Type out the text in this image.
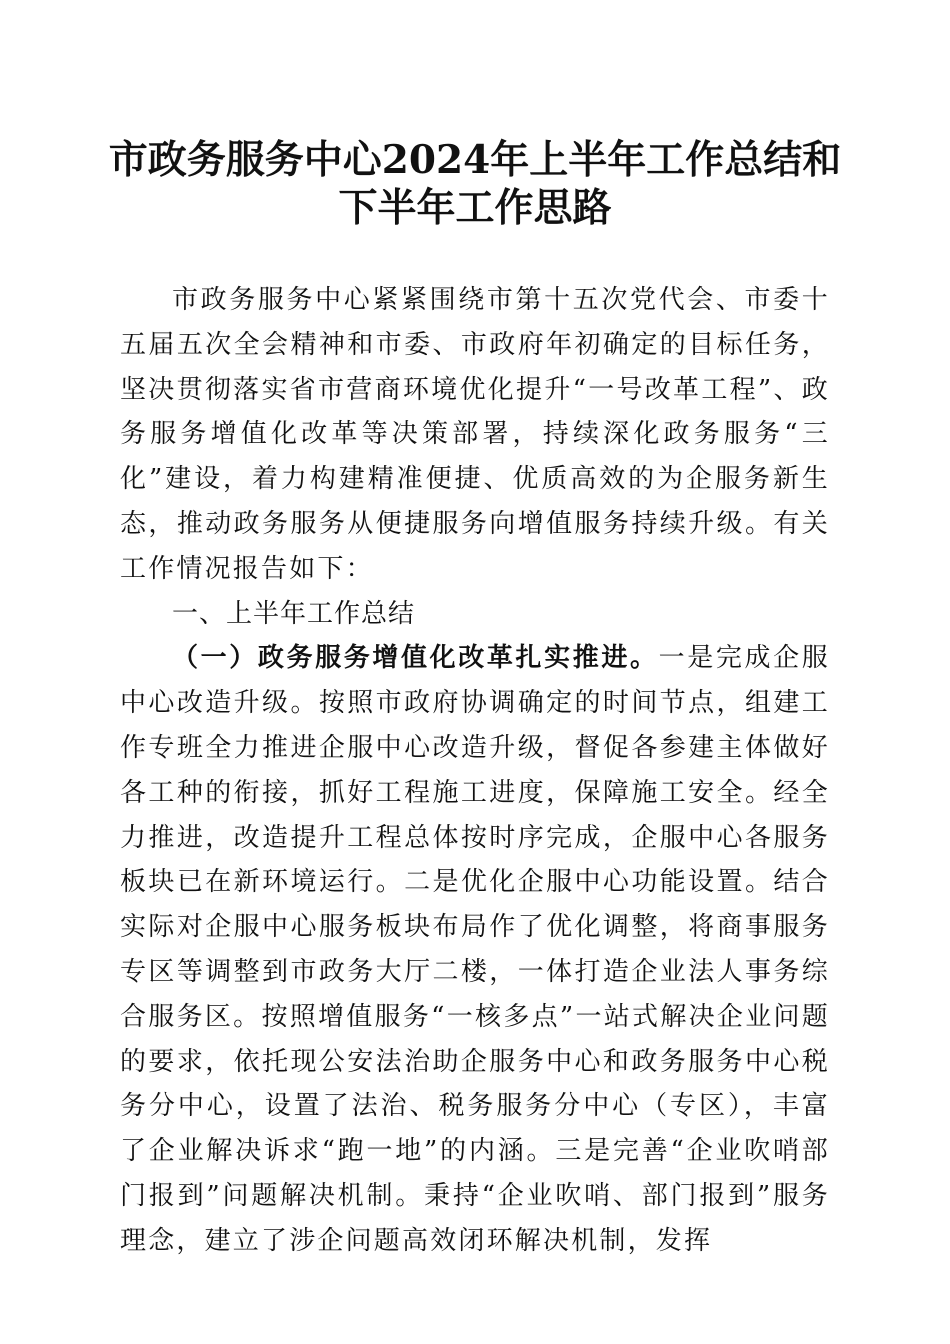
市政务服务中心2024年上半年工作总结和下半年工作思路

市政务服务中心紧紧围绕市第十五次党代会、市委十五届五次全会精神和市委、市政府年初确定的目标任务，坚决贯彻落实省市营商环境优化提升“一号改革工程”、政务服务增值化改革等决策部署，持续深化政务服务“三化”建设，着力构建精准便捷、优质高效的为企服务新生态，推动政务服务从便捷服务向增值服务持续升级。有关工作情况报告如下：

一、上半年工作总结

（一）政务服务增值化改革扎实推进。一是完成企服中心改造升级。按照市政府协调确定的时间节点，组建工作专班全力推进企服中心改造升级，督促各参建主体做好各工种的衔接，抓好工程施工进度，保障施工安全。经全力推进，改造提升工程总体按时序完成，企服中心各服务板块已在新环境运行。二是优化企服中心功能设置。结合实际对企服中心服务板块布局作了优化调整，将商事服务专区等调整到市政务大厅二楼，一体打造企业法人事务综合服务区。按照增值服务“一核多点”一站式解决企业问题的要求，依托现公安法治助企服务中心和政务服务中心税务分中心，设置了法治、税务服务分中心（专区），丰富了企业解决诉求“跑一地”的内涵。三是完善“企业吹哨部门报到”问题解决机制。秉持“企业吹哨、部门报到”服务理念，建立了涉企问题高效闭环解决机制，发挥
